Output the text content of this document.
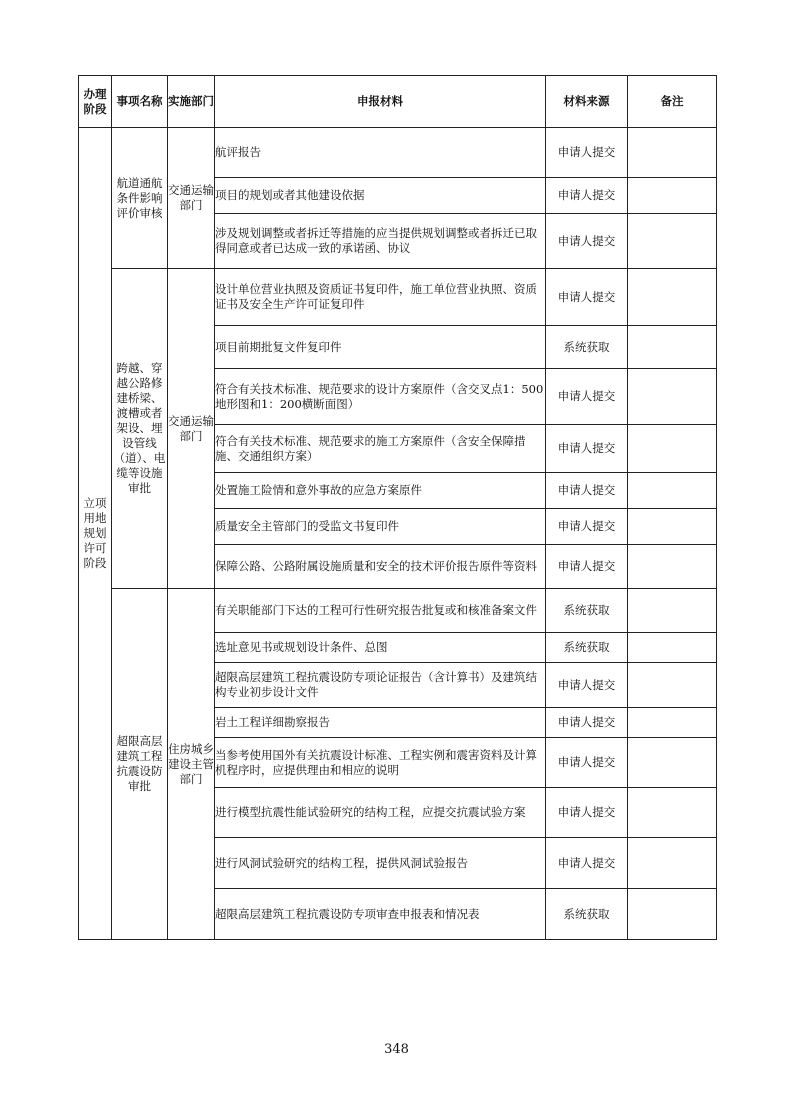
办理阶段	事项名称	实施部门	申报材料	材料来源	备注
立项用地规划许可阶段	航道通航条件影响评价审核	交通运输部门	航评报告	申请人提交	
			项目的规划或者其他建设依据	申请人提交	
			涉及规划调整或者拆迁等措施的应当提供规划调整或者拆迁已取得同意或者已达成一致的承诺函、协议	申请人提交	
	跨越、穿越公路修建桥梁、渡槽或者架设、埋设管线（道）、电缆等设施审批	交通运输部门	设计单位营业执照及资质证书复印件，施工单位营业执照、资质证书及安全生产许可证复印件	申请人提交	
			项目前期批复文件复印件	系统获取	
			符合有关技术标准、规范要求的设计方案原件（含交叉点1：500地形图和1：200横断面图）	申请人提交	
			符合有关技术标准、规范要求的施工方案原件（含安全保障措施、交通组织方案）	申请人提交	
			处置施工险情和意外事故的应急方案原件	申请人提交	
			质量安全主管部门的受监文书复印件	申请人提交	
			保障公路、公路附属设施质量和安全的技术评价报告原件等资料	申请人提交	
	超限高层建筑工程抗震设防审批	住房城乡建设主管部门	有关职能部门下达的工程可行性研究报告批复或和核准备案文件	系统获取	
			选址意见书或规划设计条件、总图	系统获取	
			超限高层建筑工程抗震设防专项论证报告（含计算书）及建筑结构专业初步设计文件	申请人提交	
			岩土工程详细勘察报告	申请人提交	
			当参考使用国外有关抗震设计标准、工程实例和震害资料及计算机程序时，应提供理由和相应的说明	申请人提交	
			进行模型抗震性能试验研究的结构工程，应提交抗震试验方案	申请人提交	
			进行风洞试验研究的结构工程，提供风洞试验报告	申请人提交	
			超限高层建筑工程抗震设防专项审查申报表和情况表	系统获取	
348
